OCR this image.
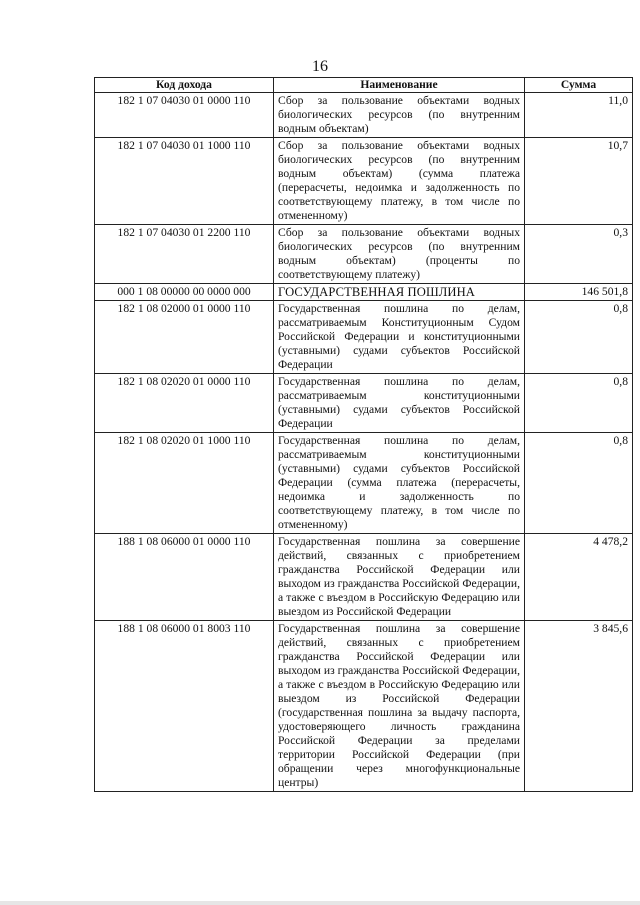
16
Код дохода	Наименование	Сумма
182 1 07 04030 01 0000 110	Сбор за пользование объектами водных биологических ресурсов (по внутренним водным объектам)	11,0
182 1 07 04030 01 1000 110	Сбор за пользование объектами водных биологических ресурсов (по внутренним водным объектам) (сумма платежа (перерасчеты, недоимка и задолженность по соответствующему платежу, в том числе по отмененному)	10,7
182 1 07 04030 01 2200 110	Сбор за пользование объектами водных биологических ресурсов (по внутренним водным объектам) (проценты по соответствующему платежу)	0,3
000 1 08 00000 00 0000 000	ГОСУДАРСТВЕННАЯ ПОШЛИНА	146 501,8
182 1 08 02000 01 0000 110	Государственная пошлина по делам, рассматриваемым Конституционным Судом Российской Федерации и конституционными (уставными) судами субъектов Российской Федерации	0,8
182 1 08 02020 01 0000 110	Государственная пошлина по делам, рассматриваемым конституционными (уставными) судами субъектов Российской Федерации	0,8
182 1 08 02020 01 1000 110	Государственная пошлина по делам, рассматриваемым конституционными (уставными) судами субъектов Российской Федерации (сумма платежа (перерасчеты, недоимка и задолженность по соответствующему платежу, в том числе по отмененному)	0,8
188 1 08 06000 01 0000 110	Государственная пошлина за совершение действий, связанных с приобретением гражданства Российской Федерации или выходом из гражданства Российской Федерации, а также с въездом в Российскую Федерацию или выездом из Российской Федерации	4 478,2
188 1 08 06000 01 8003 110	Государственная пошлина за совершение действий, связанных с приобретением гражданства Российской Федерации или выходом из гражданства Российской Федерации, а также с въездом в Российскую Федерацию или выездом из Российской Федерации (государственная пошлина за выдачу паспорта, удостоверяющего личность гражданина Российской Федерации за пределами территории Российской Федерации (при обращении через многофункциональные центры)	3 845,6
